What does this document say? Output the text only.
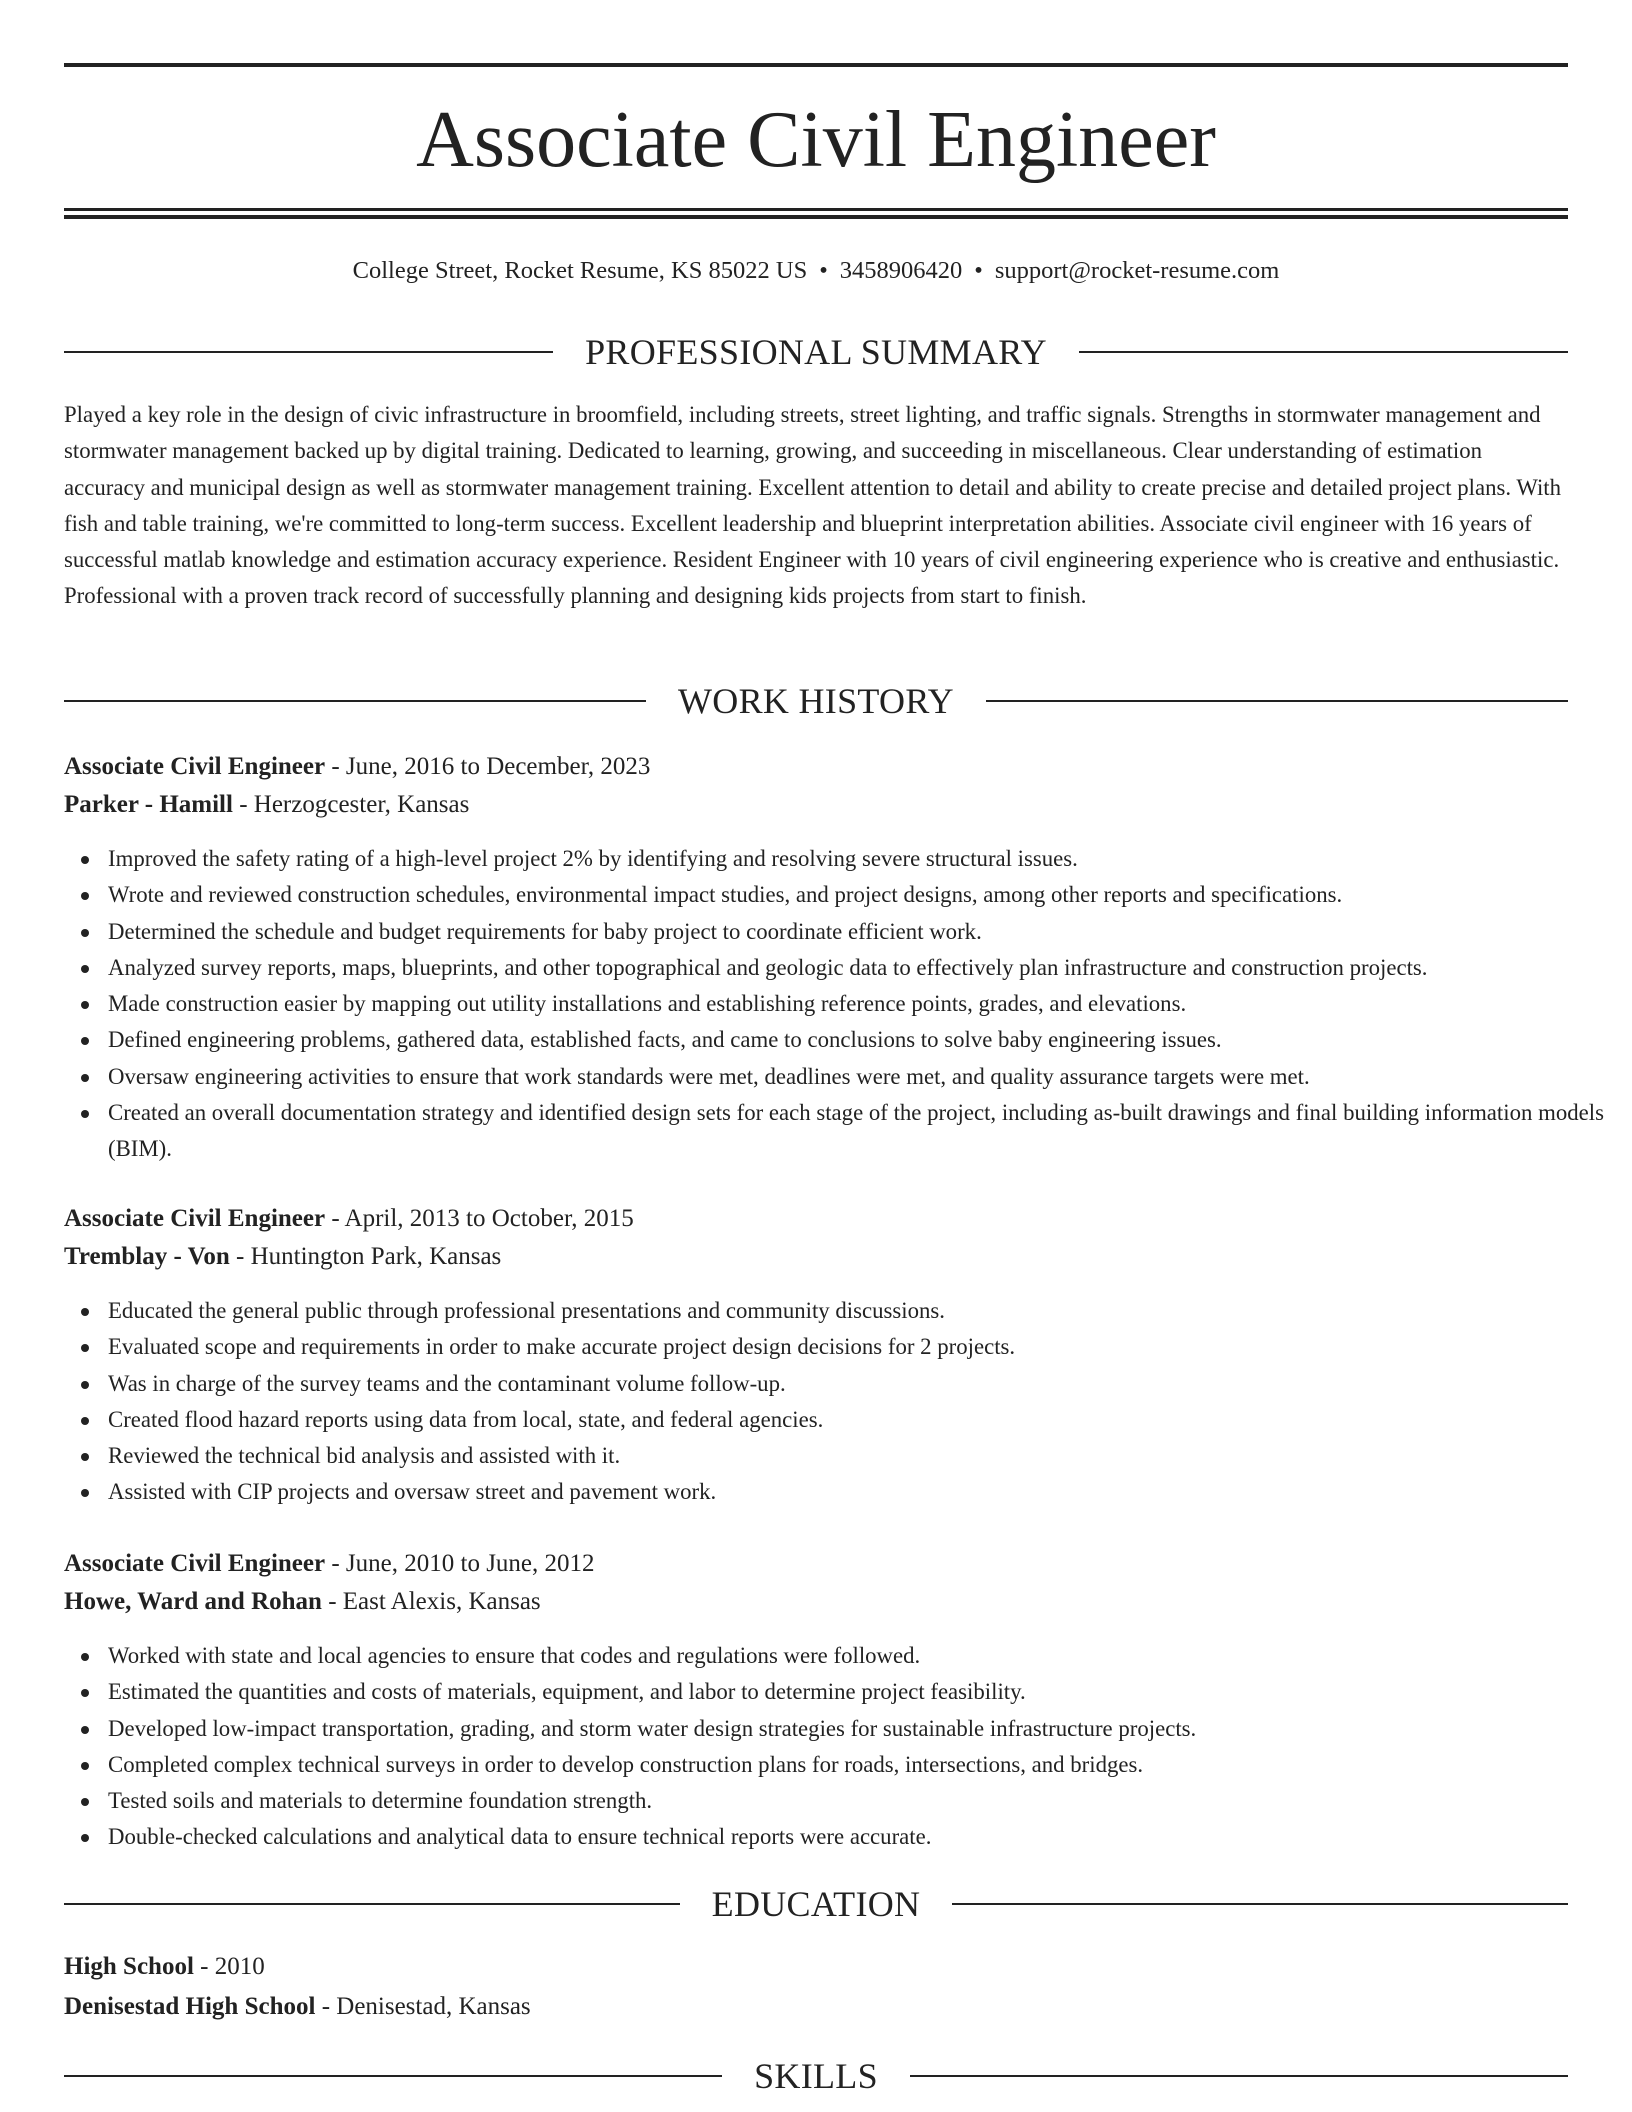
Associate Civil Engineer
College Street, Rocket Resume, KS 85022 US • 3458906420 • support@rocket-resume.com
PROFESSIONAL SUMMARY

Played a key role in the design of civic infrastructure in broomfield, including streets, street lighting, and traffic signals. Strengths in stormwater management and stormwater management backed up by digital training. Dedicated to learning, growing, and succeeding in miscellaneous. Clear understanding of estimation accuracy and municipal design as well as stormwater management training. Excellent attention to detail and ability to create precise and detailed project plans. With fish and table training, we're committed to long-term success. Excellent leadership and blueprint interpretation abilities. Associate civil engineer with 16 years of successful matlab knowledge and estimation accuracy experience. Resident Engineer with 10 years of civil engineering experience who is creative and enthusiastic. Professional with a proven track record of successfully planning and designing kids projects from start to finish.

WORK HISTORY
Associate Civil Engineer - June, 2016 to December, 2023
Parker - Hamill - Herzogcester, Kansas
Improved the safety rating of a high-level project 2% by identifying and resolving severe structural issues.
Wrote and reviewed construction schedules, environmental impact studies, and project designs, among other reports and specifications.
Determined the schedule and budget requirements for baby project to coordinate efficient work.
Analyzed survey reports, maps, blueprints, and other topographical and geologic data to effectively plan infrastructure and construction projects.
Made construction easier by mapping out utility installations and establishing reference points, grades, and elevations.
Defined engineering problems, gathered data, established facts, and came to conclusions to solve baby engineering issues.
Oversaw engineering activities to ensure that work standards were met, deadlines were met, and quality assurance targets were met.
Created an overall documentation strategy and identified design sets for each stage of the project, including as-built drawings and final building information models (BIM).
Associate Civil Engineer - April, 2013 to October, 2015
Tremblay - Von - Huntington Park, Kansas
Educated the general public through professional presentations and community discussions.
Evaluated scope and requirements in order to make accurate project design decisions for 2 projects.
Was in charge of the survey teams and the contaminant volume follow-up.
Created flood hazard reports using data from local, state, and federal agencies.
Reviewed the technical bid analysis and assisted with it.
Assisted with CIP projects and oversaw street and pavement work.
Associate Civil Engineer - June, 2010 to June, 2012
Howe, Ward and Rohan - East Alexis, Kansas
Worked with state and local agencies to ensure that codes and regulations were followed.
Estimated the quantities and costs of materials, equipment, and labor to determine project feasibility.
Developed low-impact transportation, grading, and storm water design strategies for sustainable infrastructure projects.
Completed complex technical surveys in order to develop construction plans for roads, intersections, and bridges.
Tested soils and materials to determine foundation strength.
Double-checked calculations and analytical data to ensure technical reports were accurate.
EDUCATION
High School - 2010
Denisestad High School - Denisestad, Kansas
SKILLS
